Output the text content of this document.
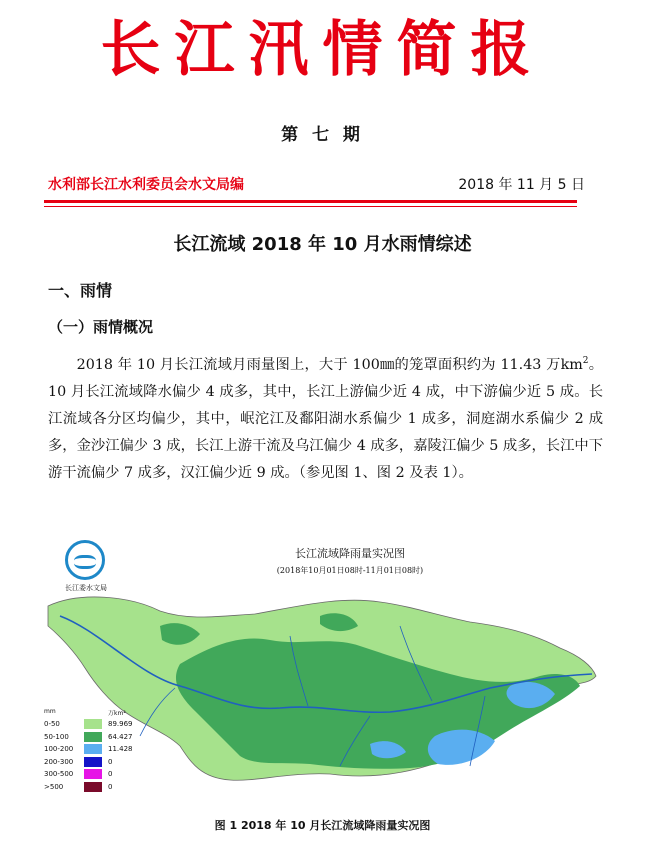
长江汛情简报
第 七 期
水利部长江水利委员会水文局编	2018 年 11 月 5 日
长江流域 2018 年 10 月水雨情综述
一、雨情
（一）雨情概况
2018 年 10 月长江流域月雨量图上，大于 100㎜的笼罩面积约为 11.43 万$km^2$。10 月长江流域降水偏少 4 成多，其中，长江上游偏少近 4 成，中下游偏少近 5 成。长江流域各分区均偏少，其中，岷沱江及鄱阳湖水系偏少 1 成多，洞庭湖水系偏少 2 成多，金沙江偏少 3 成，长江上游干流及乌江偏少 4 成多，嘉陵江偏少 5 成多，长江中下游干流偏少 7 成多，汉江偏少近 9 成。（参见图 1、图 2 及表 1）。
长江委水文局
长江流域降雨量实况图
(2018年10月01日08时-11月01日08时)
mm	万km²
0-50	89.969
50-100	64.427
100-200	11.428
200-300	0
300-500	0
>500	0
图 1 2018 年 10 月长江流域降雨量实况图
